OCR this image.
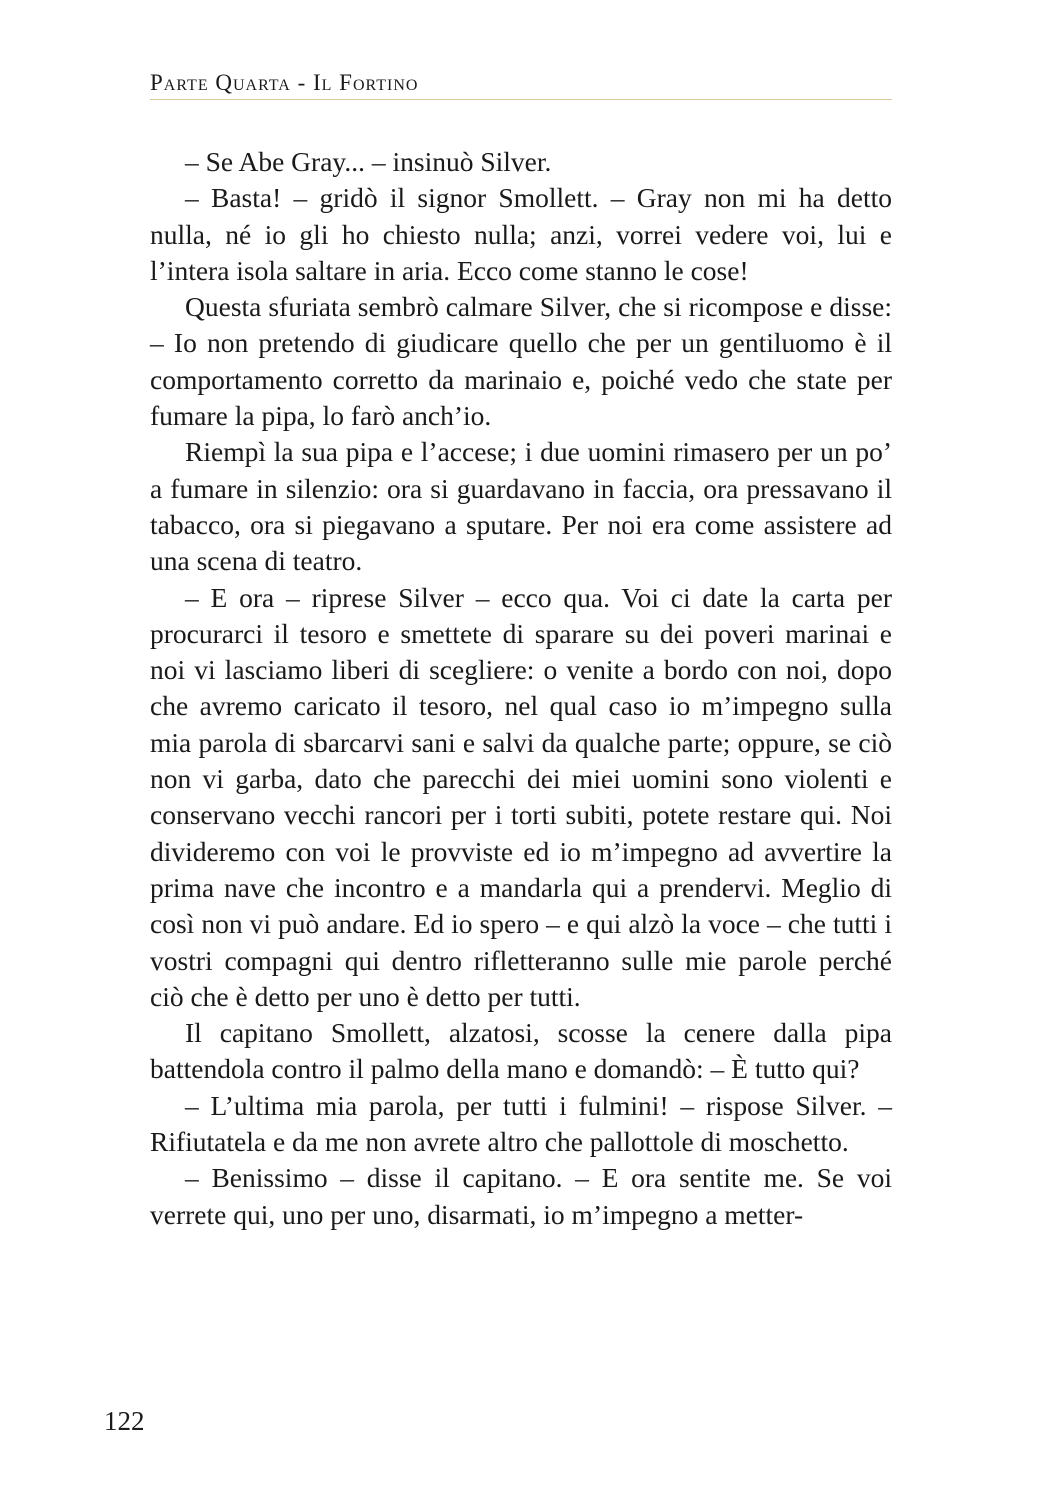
Parte Quarta - Il Fortino

– Se Abe Gray... – insinuò Silver.

– Basta! – gridò il signor Smollett. – Gray non mi ha detto nulla, né io gli ho chiesto nulla; anzi, vorrei vedere voi, lui e l’intera isola saltare in aria. Ecco come stanno le cose!

Questa sfuriata sembrò calmare Silver, che si ricompose e disse: – Io non pretendo di giudicare quello che per un gentiluomo è il comportamento corretto da marinaio e, poiché vedo che state per fumare la pipa, lo farò anch’io.

Riempì la sua pipa e l’accese; i due uomini rimasero per un po’ a fumare in silenzio: ora si guardavano in faccia, ora pressavano il tabacco, ora si piegavano a sputare. Per noi era come assistere ad una scena di teatro.

– E ora – riprese Silver – ecco qua. Voi ci date la carta per procurarci il tesoro e smettete di sparare su dei poveri marinai e noi vi lasciamo liberi di scegliere: o venite a bordo con noi, dopo che avremo caricato il tesoro, nel qual caso io m’impegno sulla mia parola di sbarcarvi sani e salvi da qualche parte; oppure, se ciò non vi garba, dato che parecchi dei miei uomini sono violenti e conservano vecchi rancori per i torti subiti, potete restare qui. Noi divideremo con voi le provviste ed io m’impegno ad avvertire la prima nave che incontro e a mandarla qui a prendervi. Meglio di così non vi può andare. Ed io spero – e qui alzò la voce – che tutti i vostri compagni qui dentro rifletteranno sulle mie parole perché ciò che è detto per uno è detto per tutti.

Il capitano Smollett, alzatosi, scosse la cenere dalla pipa battendola contro il palmo della mano e domandò: – È tutto qui?

– L’ultima mia parola, per tutti i fulmini! – rispose Silver. – Rifiutatela e da me non avrete altro che pallottole di moschetto.

– Benissimo – disse il capitano. – E ora sentite me. Se voi verrete qui, uno per uno, disarmati, io m’impegno a metter-

122
